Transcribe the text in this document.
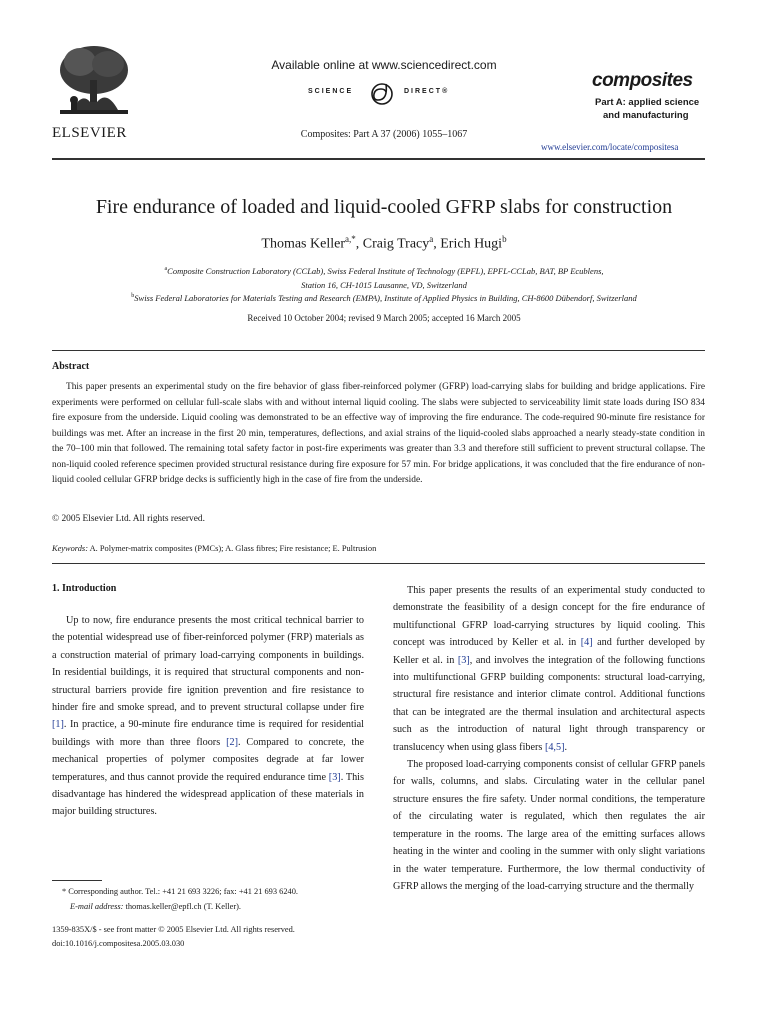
ELSEVIER
Available online at www.sciencedirect.com
SCIENCE	DIRECT®
Composites: Part A 37 (2006) 1055–1067
composites
Part A: applied science
and manufacturing
www.elsevier.com/locate/compositesa
Fire endurance of loaded and liquid-cooled GFRP slabs for construction
Thomas Keller$^{a,*}$, Craig Tracy$^a$, Erich Hugi$^b$
$^a$Composite Construction Laboratory (CCLab), Swiss Federal Institute of Technology (EPFL), EPFL-CCLab, BAT, BP Ecublens,
Station 16, CH-1015 Lausanne, VD, Switzerland
$^b$Swiss Federal Laboratories for Materials Testing and Research (EMPA), Institute of Applied Physics in Building, CH-8600 Dübendorf, Switzerland
Received 10 October 2004; revised 9 March 2005; accepted 16 March 2005
Abstract
This paper presents an experimental study on the fire behavior of glass fiber-reinforced polymer (GFRP) load-carrying slabs for building and bridge applications. Fire experiments were performed on cellular full-scale slabs with and without internal liquid cooling. The slabs were subjected to serviceability limit state loads during ISO 834 fire exposure from the underside. Liquid cooling was demonstrated to be an effective way of improving the fire endurance. The code-required 90-minute fire resistance for buildings was met. After an increase in the first 20 min, temperatures, deflections, and axial strains of the liquid-cooled slabs approached a nearly steady-state condition in the 70–100 min that followed. The remaining total safety factor in post-fire experiments was greater than 3.3 and therefore still sufficient to prevent structural collapse. The non-liquid cooled reference specimen provided structural resistance during fire exposure for 57 min. For bridge applications, it was concluded that the fire endurance of non-liquid cooled cellular GFRP bridge decks is sufficiently high in the case of fire from the underside.
© 2005 Elsevier Ltd. All rights reserved.
Keywords: A. Polymer-matrix composites (PMCs); A. Glass fibres; Fire resistance; E. Pultrusion
1. Introduction

Up to now, fire endurance presents the most critical technical barrier to the potential widespread use of fiber-reinforced polymer (FRP) materials as a construction material of primary load-carrying components in buildings. In residential buildings, it is required that structural components and non-structural barriers provide fire ignition prevention and fire resistance to hinder fire and smoke spread, and to prevent structural collapse under fire [1]. In practice, a 90-minute fire endurance time is required for residential buildings with more than three floors [2]. Compared to concrete, the mechanical properties of polymer composites degrade at far lower temperatures, and thus cannot provide the required endurance time [3]. This disadvantage has hindered the widespread application of these materials in major building structures.

This paper presents the results of an experimental study conducted to demonstrate the feasibility of a design concept for the fire endurance of multifunctional GFRP load-carrying structures by liquid cooling. This concept was introduced by Keller et al. in [4] and further developed by Keller et al. in [3], and involves the integration of the following functions into multifunctional GFRP building components: structural load-carrying, structural fire resistance and interior climate control. Additional functions that can be integrated are the thermal insulation and architectural aspects such as the introduction of natural light through transparency or translucency when using glass fibers [4,5].

The proposed load-carrying components consist of cellular GFRP panels for walls, columns, and slabs. Circulating water in the cellular panel structure ensures the fire safety. Under normal conditions, the temperature of the circulating water is regulated, which then regulates the air temperature in the rooms. The large area of the emitting surfaces allows heating in the winter and cooling in the summer with only slight variations in the water temperature. Furthermore, the low thermal conductivity of GFRP allows the merging of the load-carrying structure and the thermally

* Corresponding author. Tel.: +41 21 693 3226; fax: +41 21 693 6240.
E-mail address: thomas.keller@epfl.ch (T. Keller).
1359-835X/$ - see front matter © 2005 Elsevier Ltd. All rights reserved.
doi:10.1016/j.compositesa.2005.03.030
